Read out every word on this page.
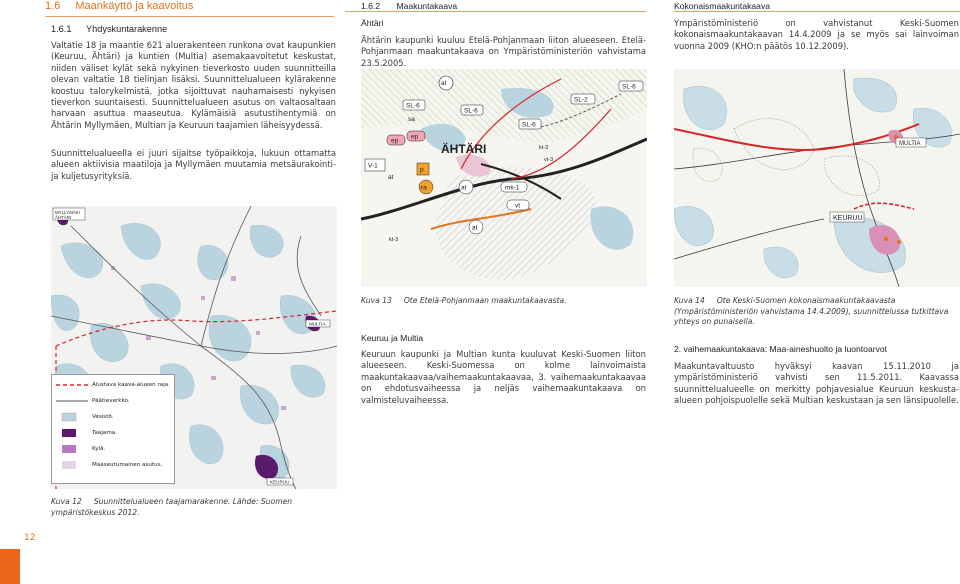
12
1.6 Maankäyttö ja kaavoitus
1.6.1 Yhdyskuntarakenne
Valtatie 18 ja maantie 621 aluerakenteen runkona ovat kaupunkien (Keuruu, Ähtäri) ja kuntien (Multia) asemakaavoitetut keskustat, niiden väliset kylät sekä nykyinen tieverkosto uuden suunnitteilla olevan valtatie 18 tielinjan lisäksi. Suunnittelualueen kylärakenne koostuu talorykelmistä, jotka sijoittuvat nauhamaisesti nykyisen tieverkon suuntaisesti. Suunnittelualueen asutus on valtaosaltaan harvaan asuttua maaseutua. Kylämäisiä asutustihentymiä on Ähtärin Myllymäen, Multian ja Keuruun taajamien läheisyydessä.
Suunnittelualueella ei juuri sijaitse työpaikkoja, lukuun ottamatta alueen aktiivisia maatiloja ja Myllymäen muutamia metsäurakointi- ja kuljetusyrityksiä.
MYLLYMÄKI
ÄHTÄRI
MULTIA
KEURUU
Alustava kaava-alueen raja.
Päätieverkko.
Vesistö.
Taajama.
Kylä.
Maaseutumainen asutus.
Kuva 12 Suunnittelualueen taajamarakenne. Lähde: Suomen ympäristökeskus 2012.
1.6.2 Maakuntakaava
Ähtäri
Ähtärin kaupunki kuuluu Etelä-Pohjanmaan liiton alueeseen. Etelä-Pohjanmaan maakuntakaava on Ympäristöministeriön vahvistama 23.5.2005.
at
SL-6
SL-6
sa
SL-6
SL-2
SL-6
ep
ep
ÄHTÄRI
V-1
at
ra	at	mk-1
vt
at
p
kt-3
kt-3
vt-3
Kuva 13 Ote Etelä-Pohjanmaan maakuntakaavasta.
Keuruu ja Multia
Keuruun kaupunki ja Multian kunta kuuluvat Keski-Suomen liiton alueeseen. Keski-Suomessa on kolme lainvoimaista maakuntakaavaa/vaihemaakuntakaavaa, 3. vaihemaakuntakaavaa on ehdotusvaiheessa ja neljäs vaihemaakuntakaava on valmisteluvaiheessa.
Kokonaismaakuntakaava
Ympäristöministeriö on vahvistanut Keski-Suomen kokonaismaakuntakaavan 14.4.2009 ja se myös sai lainvoiman vuonna 2009 (KHO:n päätös 10.12.2009).
MULTIA
KEURUU
Kuva 14 Ote Keski-Suomen kokonaismaakuntakaavasta (Ympäristöministeriön vahvistama 14.4.2009), suunnittelussa tutkittava yhteys on punaisella.
2. vaihemaakuntakaava: Maa-aineshuolto ja luontoarvot
Maakuntavaltuusto hyväksyi kaavan 15.11.2010 ja ympäristöministeriö vahvisti sen 11.5.2011. Kaavassa suunnittelualueelle on merkitty pohjavesialue Keuruun keskusta-alueen pohjoispuolelle sekä Multian keskustaan ja sen länsipuolelle.
